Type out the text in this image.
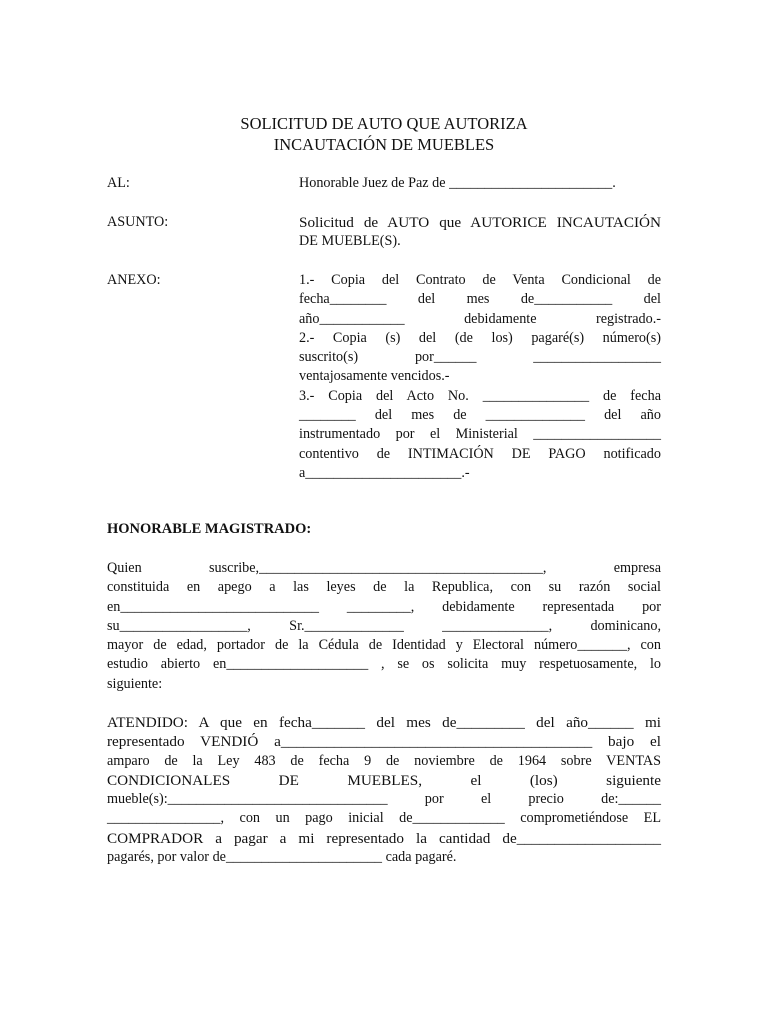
SOLICITUD DE AUTO QUE AUTORIZA
INCAUTACIÓN DE MUEBLES
AL:	Honorable Juez de Paz de _______________________.
ASUNTO:	Solicitud de AUTO que AUTORICE INCAUTACIÓN
DE MUEBLE(S).
ANEXO:	1.- Copia del Contrato de Venta Condicional de
fecha________ del mes de___________ del
año____________ debidamente registrado.-
2.- Copia (s) del (de los) pagaré(s) número(s)
suscrito(s) por______ __________________
ventajosamente vencidos.-
3.- Copia del Acto No. _______________ de fecha
________ del mes de ______________ del año
instrumentado por el Ministerial __________________
contentivo de INTIMACIÓN DE PAGO notificado
a______________________.-
HONORABLE MAGISTRADO:
Quien suscribe,________________________________________, empresa
constituida en apego a las leyes de la Republica, con su razón social
en____________________________ _________, debidamente representada por
su__________________, Sr.______________ _______________, dominicano,
mayor de edad, portador de la Cédula de Identidad y Electoral número_______, con
estudio abierto en____________________ , se os solicita muy respetuosamente, lo
siguiente:
ATENDIDO: A que en fecha_______ del mes de_________ del año______ mi
representado VENDIÓ a_________________________________________ bajo el
amparo de la Ley 483 de fecha 9 de noviembre de 1964 sobre VENTAS
CONDICIONALES DE MUEBLES, el (los) siguiente
mueble(s):_______________________________ por el precio de:______
________________, con un pago inicial de_____________ comprometiéndose EL
COMPRADOR a pagar a mi representado la cantidad de___________________
pagarés, por valor de______________________ cada pagaré.
